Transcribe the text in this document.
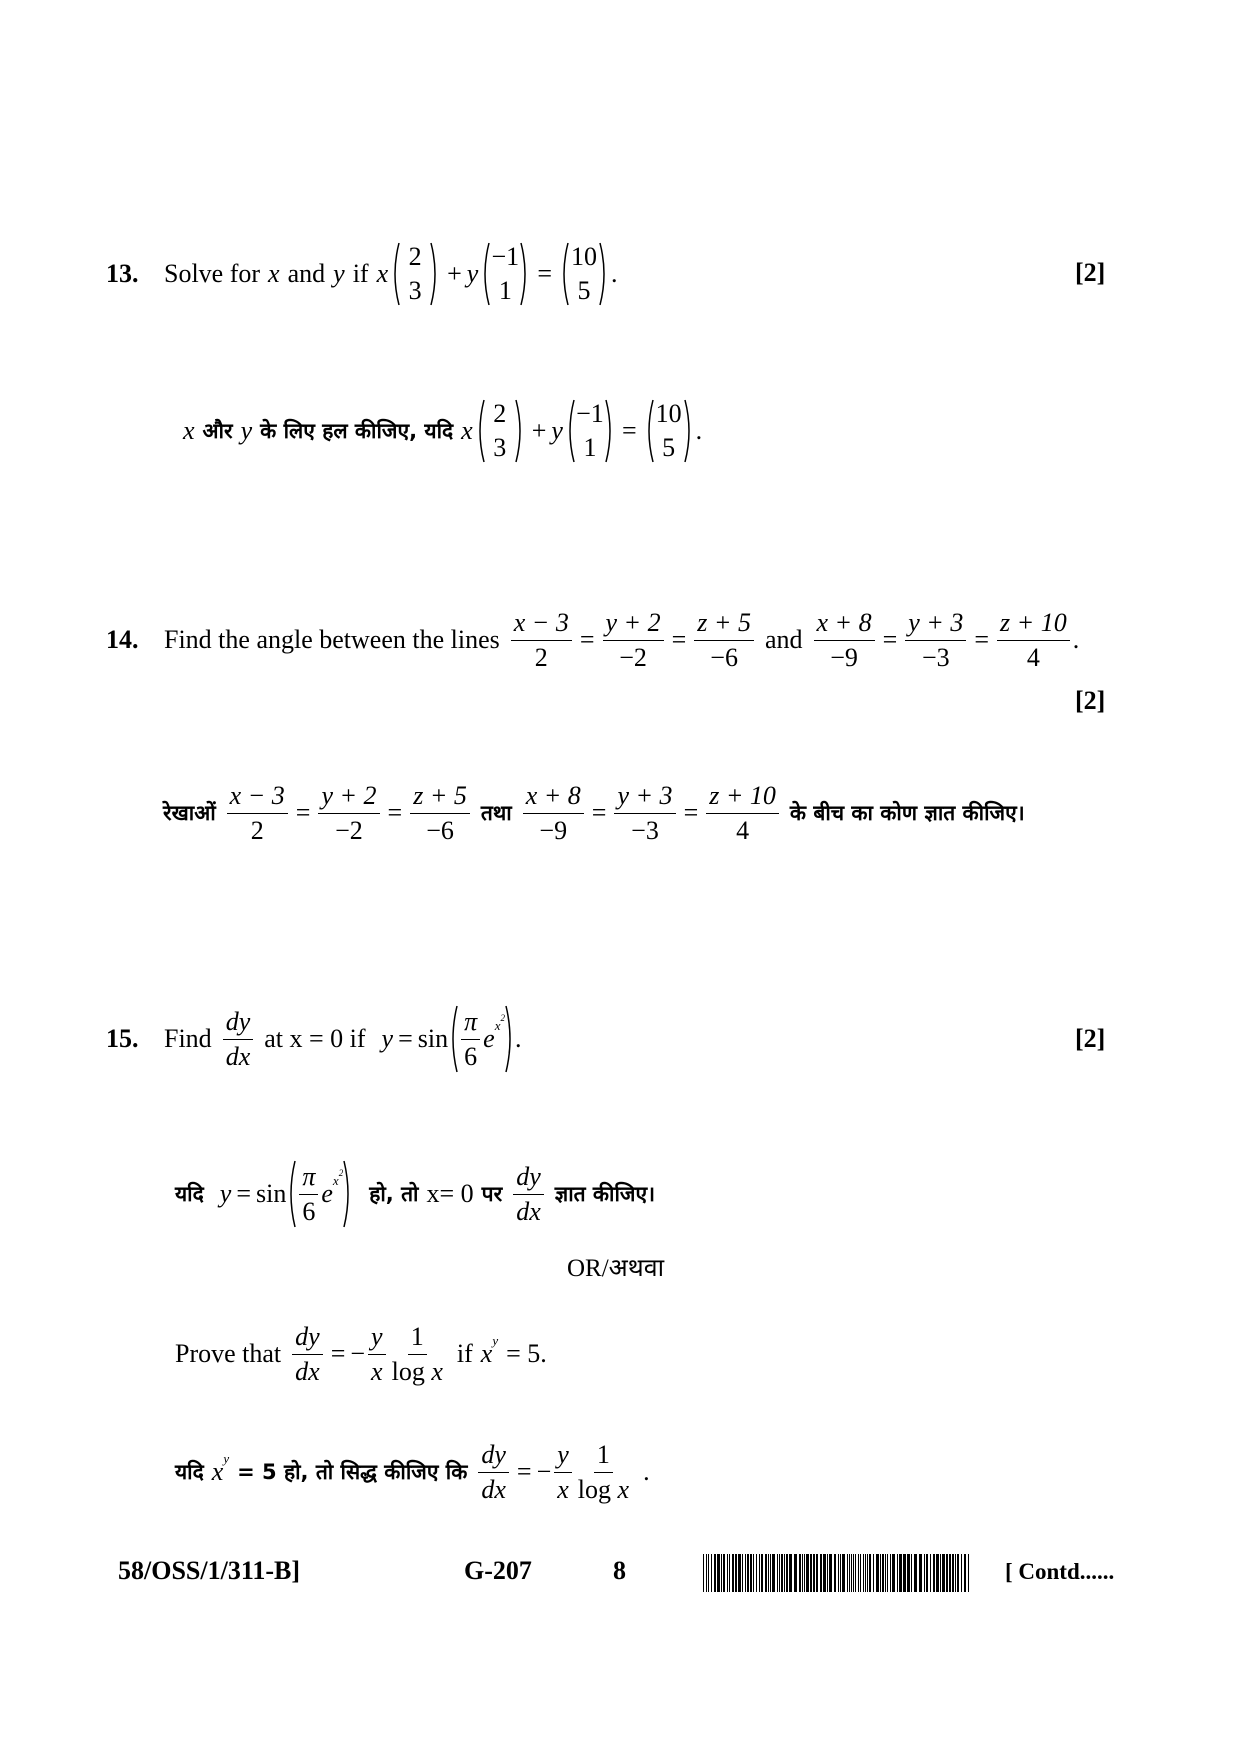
13. Solve for x and y if x
2
3
+ y
−1
1
=
10
5
.	[2]
x और y के लिए हल कीजिए, यदि x
2
3
+ y
−1
1
=
10
5
.
14. Find the angle between the lines $\frac{x - 3}{2} = \frac{y + 2}{-2} = \frac{z + 5}{-6}$ and $\frac{x + 8}{-9} = \frac{y + 3}{-3} = \frac{z + 10}{4}$ .
[2]
रेखाओं $\frac{x - 3}{2} = \frac{y + 2}{-2} = \frac{z + 5}{-6}$ तथा $\frac{x + 8}{-9} = \frac{y + 3}{-3} = \frac{z + 10}{4}$ के बीच का कोण ज्ञात कीजिए।
15. Find $\frac{dy}{dx}$ at x = 0 if $y = \sin \frac{\pi}{6} e^{x^2}$
.	[2]
यदि $y = \sin \frac{\pi}{6} e^{x^2}$
हो, तो x= 0 पर $\frac{dy}{dx}$ ज्ञात कीजिए।
OR/अथवा
Prove that $\frac{dy}{dx}$ = − $\frac{y}{x} \frac{1}{\text{log x}}$ if $x^y = 5$.
यदि $x^y$
= 5 हो, तो सिद्ध कीजिए कि $\frac{dy}{dx}$ = − $\frac{y}{x} \frac{1}{\text{log x}}$ .
58/OSS/1/311-B]	G-207	8	[ Contd......
